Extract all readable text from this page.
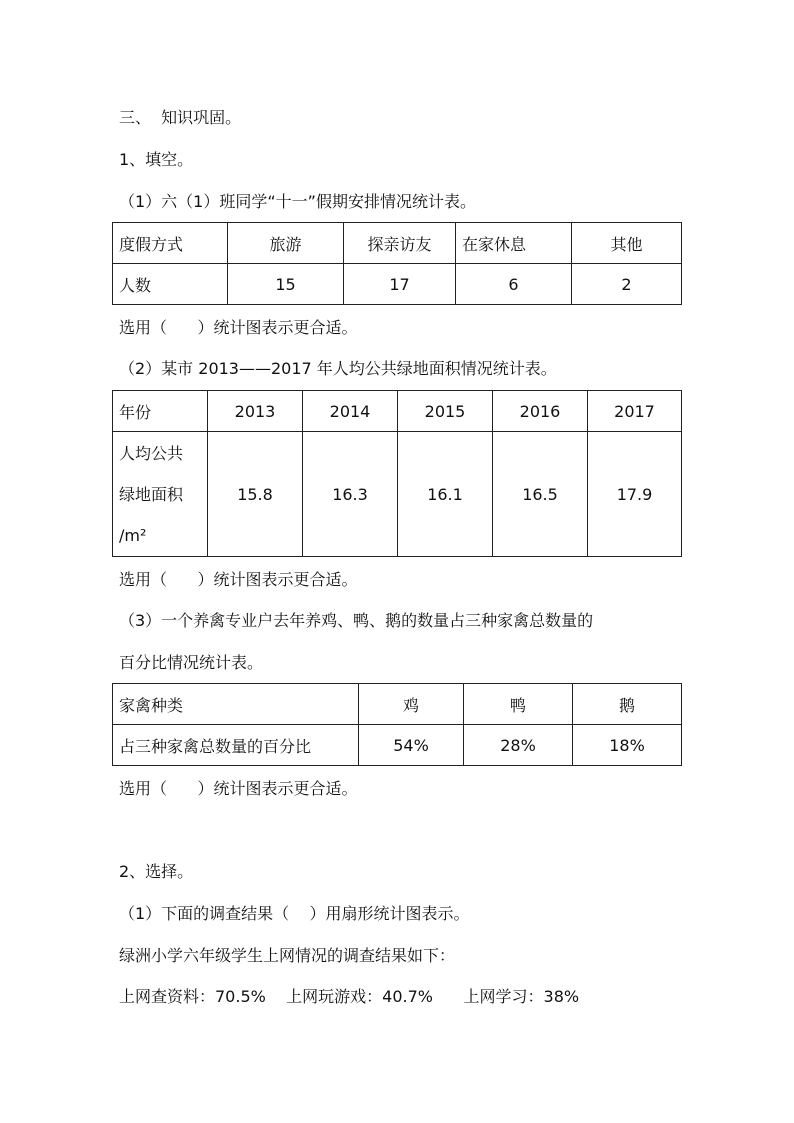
三、  知识巩固。
1、填空。
（1）六（1）班同学“十一”假期安排情况统计表。
度假方式	旅游	探亲访友	在家休息	其他
人数	15	17	6	2
选用（      ）统计图表示更合适。
（2）某市 2013——2017 年人均公共绿地面积情况统计表。
年份	2013	2014	2015	2016	2017

人均公共
绿地面积
/m²	15.8	16.3	16.1	16.5	17.9
选用（      ）统计图表示更合适。
（3）一个养禽专业户去年养鸡、鸭、鹅的数量占三种家禽总数量的
百分比情况统计表。
家禽种类	鸡	鸭	鹅
占三种家禽总数量的百分比	54%	28%	18%
选用（      ）统计图表示更合适。
2、选择。
（1）下面的调查结果（    ）用扇形统计图表示。
绿洲小学六年级学生上网情况的调查结果如下：
上网查资料：70.5%    上网玩游戏：40.7%      上网学习：38%
